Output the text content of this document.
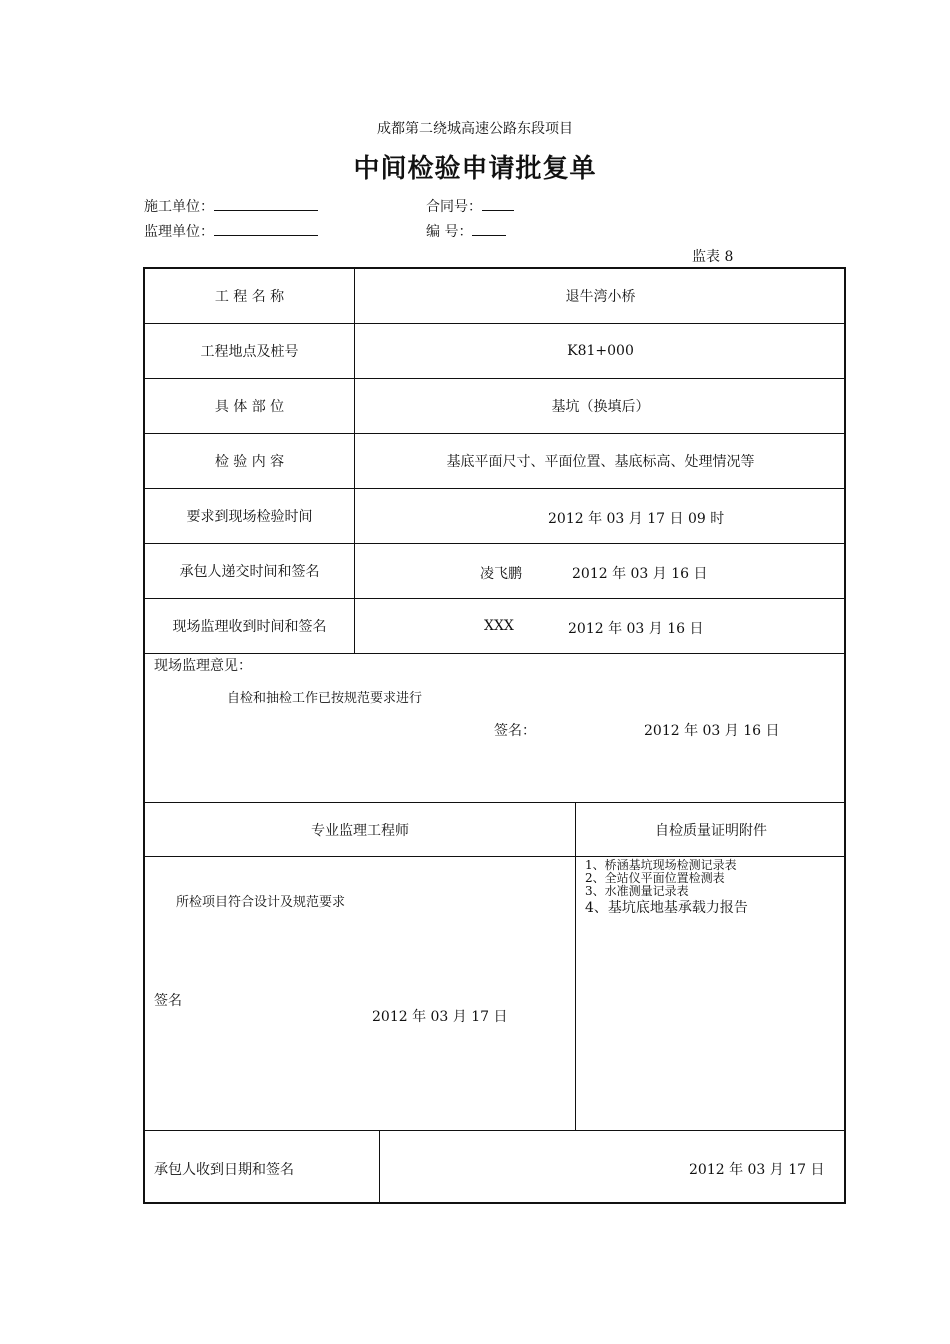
成都第二绕城高速公路东段项目
中间检验申请批复单
施工单位：	合同号：
监理单位：	编 号：
监表 8
工 程 名 称	退牛湾小桥
工程地点及桩号	K81+000
具 体 部 位	基坑（换填后）
检 验 内 容	基底平面尺寸、平面位置、基底标高、处理情况等
要求到现场检验时间	2012 年 03 月 17 日 09 时
承包人递交时间和签名	凌飞鹏	2012 年 03 月 16 日
现场监理收到时间和签名	XXX	2012 年 03 月 16 日
现场监理意见：
自检和抽检工作已按规范要求进行
签名：	2012 年 03 月 16 日
专业监理工程师	自检质量证明附件
所检项目符合设计及规范要求
签名
2012 年 03 月 17 日
1、桥涵基坑现场检测记录表
2、全站仪平面位置检测表
3、水准测量记录表
4、基坑底地基承载力报告
承包人收到日期和签名	2012 年 03 月 17 日
